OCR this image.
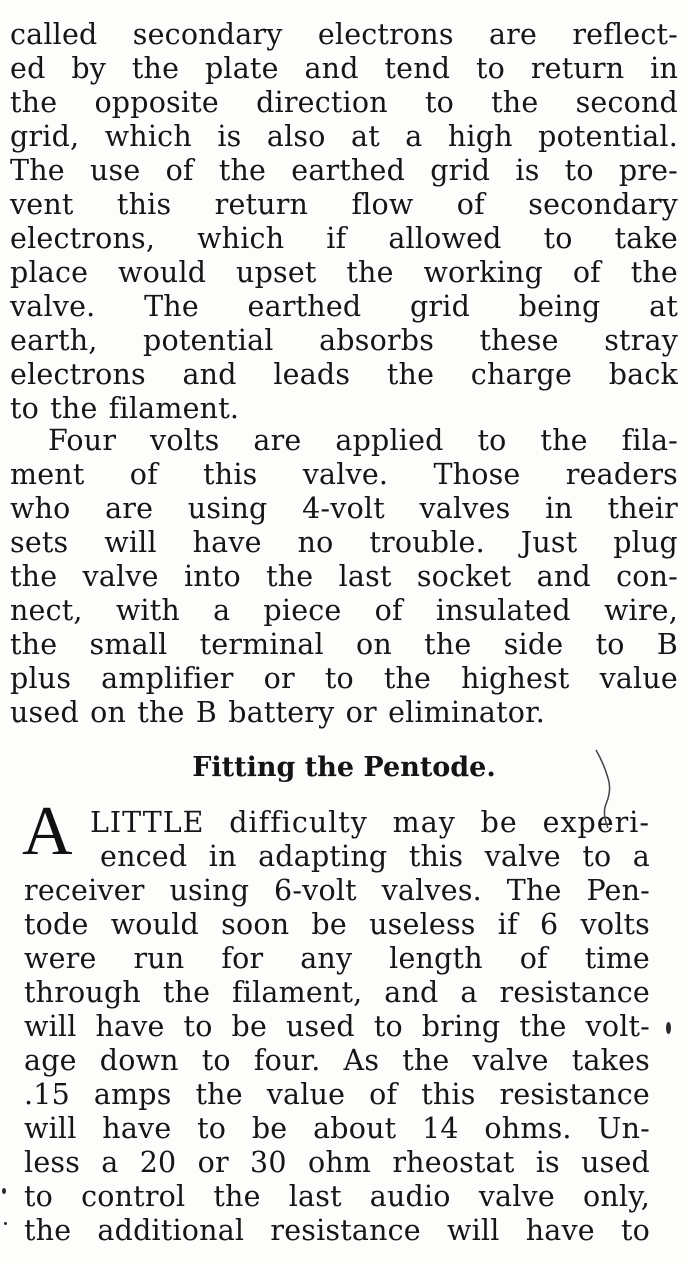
called secondary electrons are reflect-
ed by the plate and tend to return in
the opposite direction to the second
grid, which is also at a high potential.
The use of the earthed grid is to pre-
vent this return flow of secondary
electrons, which if allowed to take
place would upset the working of the
valve. The earthed grid being at
earth, potential absorbs these stray
electrons and leads the charge back
to the filament.
Four volts are applied to the fila-
ment of this valve. Those readers
who are using 4-volt valves in their
sets will have no trouble. Just plug
the valve into the last socket and con-
nect, with a piece of insulated wire,
the small terminal on the side to B
plus amplifier or to the highest value
used on the B battery or eliminator.
Fitting the Pentode.
A LITTLE difficulty may be experi-
enced in adapting this valve to a
receiver using 6-volt valves. The Pen-
tode would soon be useless if 6 volts
were run for any length of time
through the filament, and a resistance
will have to be used to bring the volt-
age down to four. As the valve takes
.15 amps the value of this resistance
will have to be about 14 ohms. Un-
less a 20 or 30 ohm rheostat is used
to control the last audio valve only,
the additional resistance will have to
